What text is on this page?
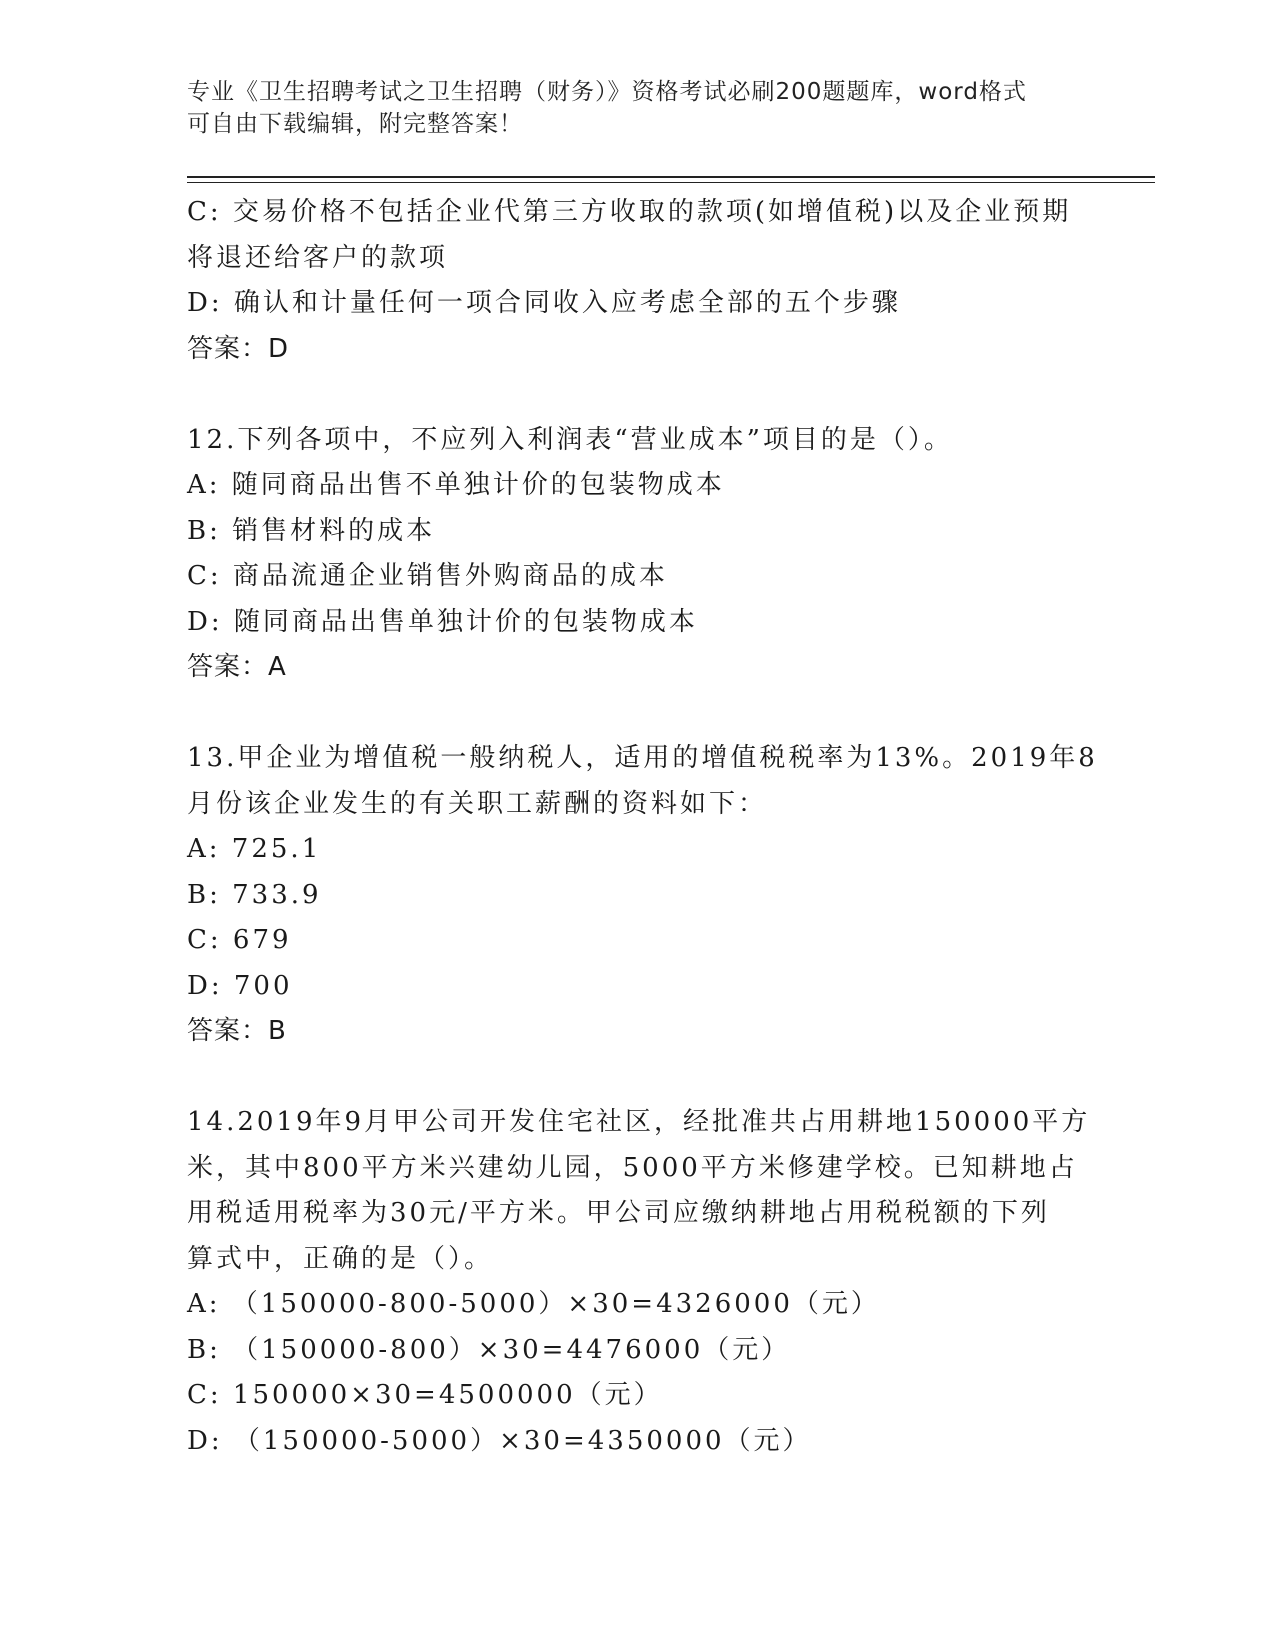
专业《卫生招聘考试之卫生招聘（财务）》资格考试必刷200题题库，word格式
可自由下载编辑，附完整答案！
C: 交易价格不包括企业代第三方收取的款项(如增值税)以及企业预期
将退还给客户的款项
D: 确认和计量任何一项合同收入应考虑全部的五个步骤
答案：D
12.下列各项中，不应列入利润表“营业成本”项目的是（）。
A: 随同商品出售不单独计价的包装物成本
B: 销售材料的成本
C: 商品流通企业销售外购商品的成本
D: 随同商品出售单独计价的包装物成本
答案：A
13.甲企业为增值税一般纳税人，适用的增值税税率为13%。2019年8
月份该企业发生的有关职工薪酬的资料如下：
A: 725.1
B: 733.9
C: 679
D: 700
答案：B
14.2019年9月甲公司开发住宅社区，经批准共占用耕地150000平方
米，其中800平方米兴建幼儿园，5000平方米修建学校。已知耕地占
用税适用税率为30元/平方米。甲公司应缴纳耕地占用税税额的下列
算式中，正确的是（）。
A: （150000-800-5000）×30=4326000（元）
B: （150000-800）×30=4476000（元）
C: 150000×30=4500000（元）
D: （150000-5000）×30=4350000（元）
